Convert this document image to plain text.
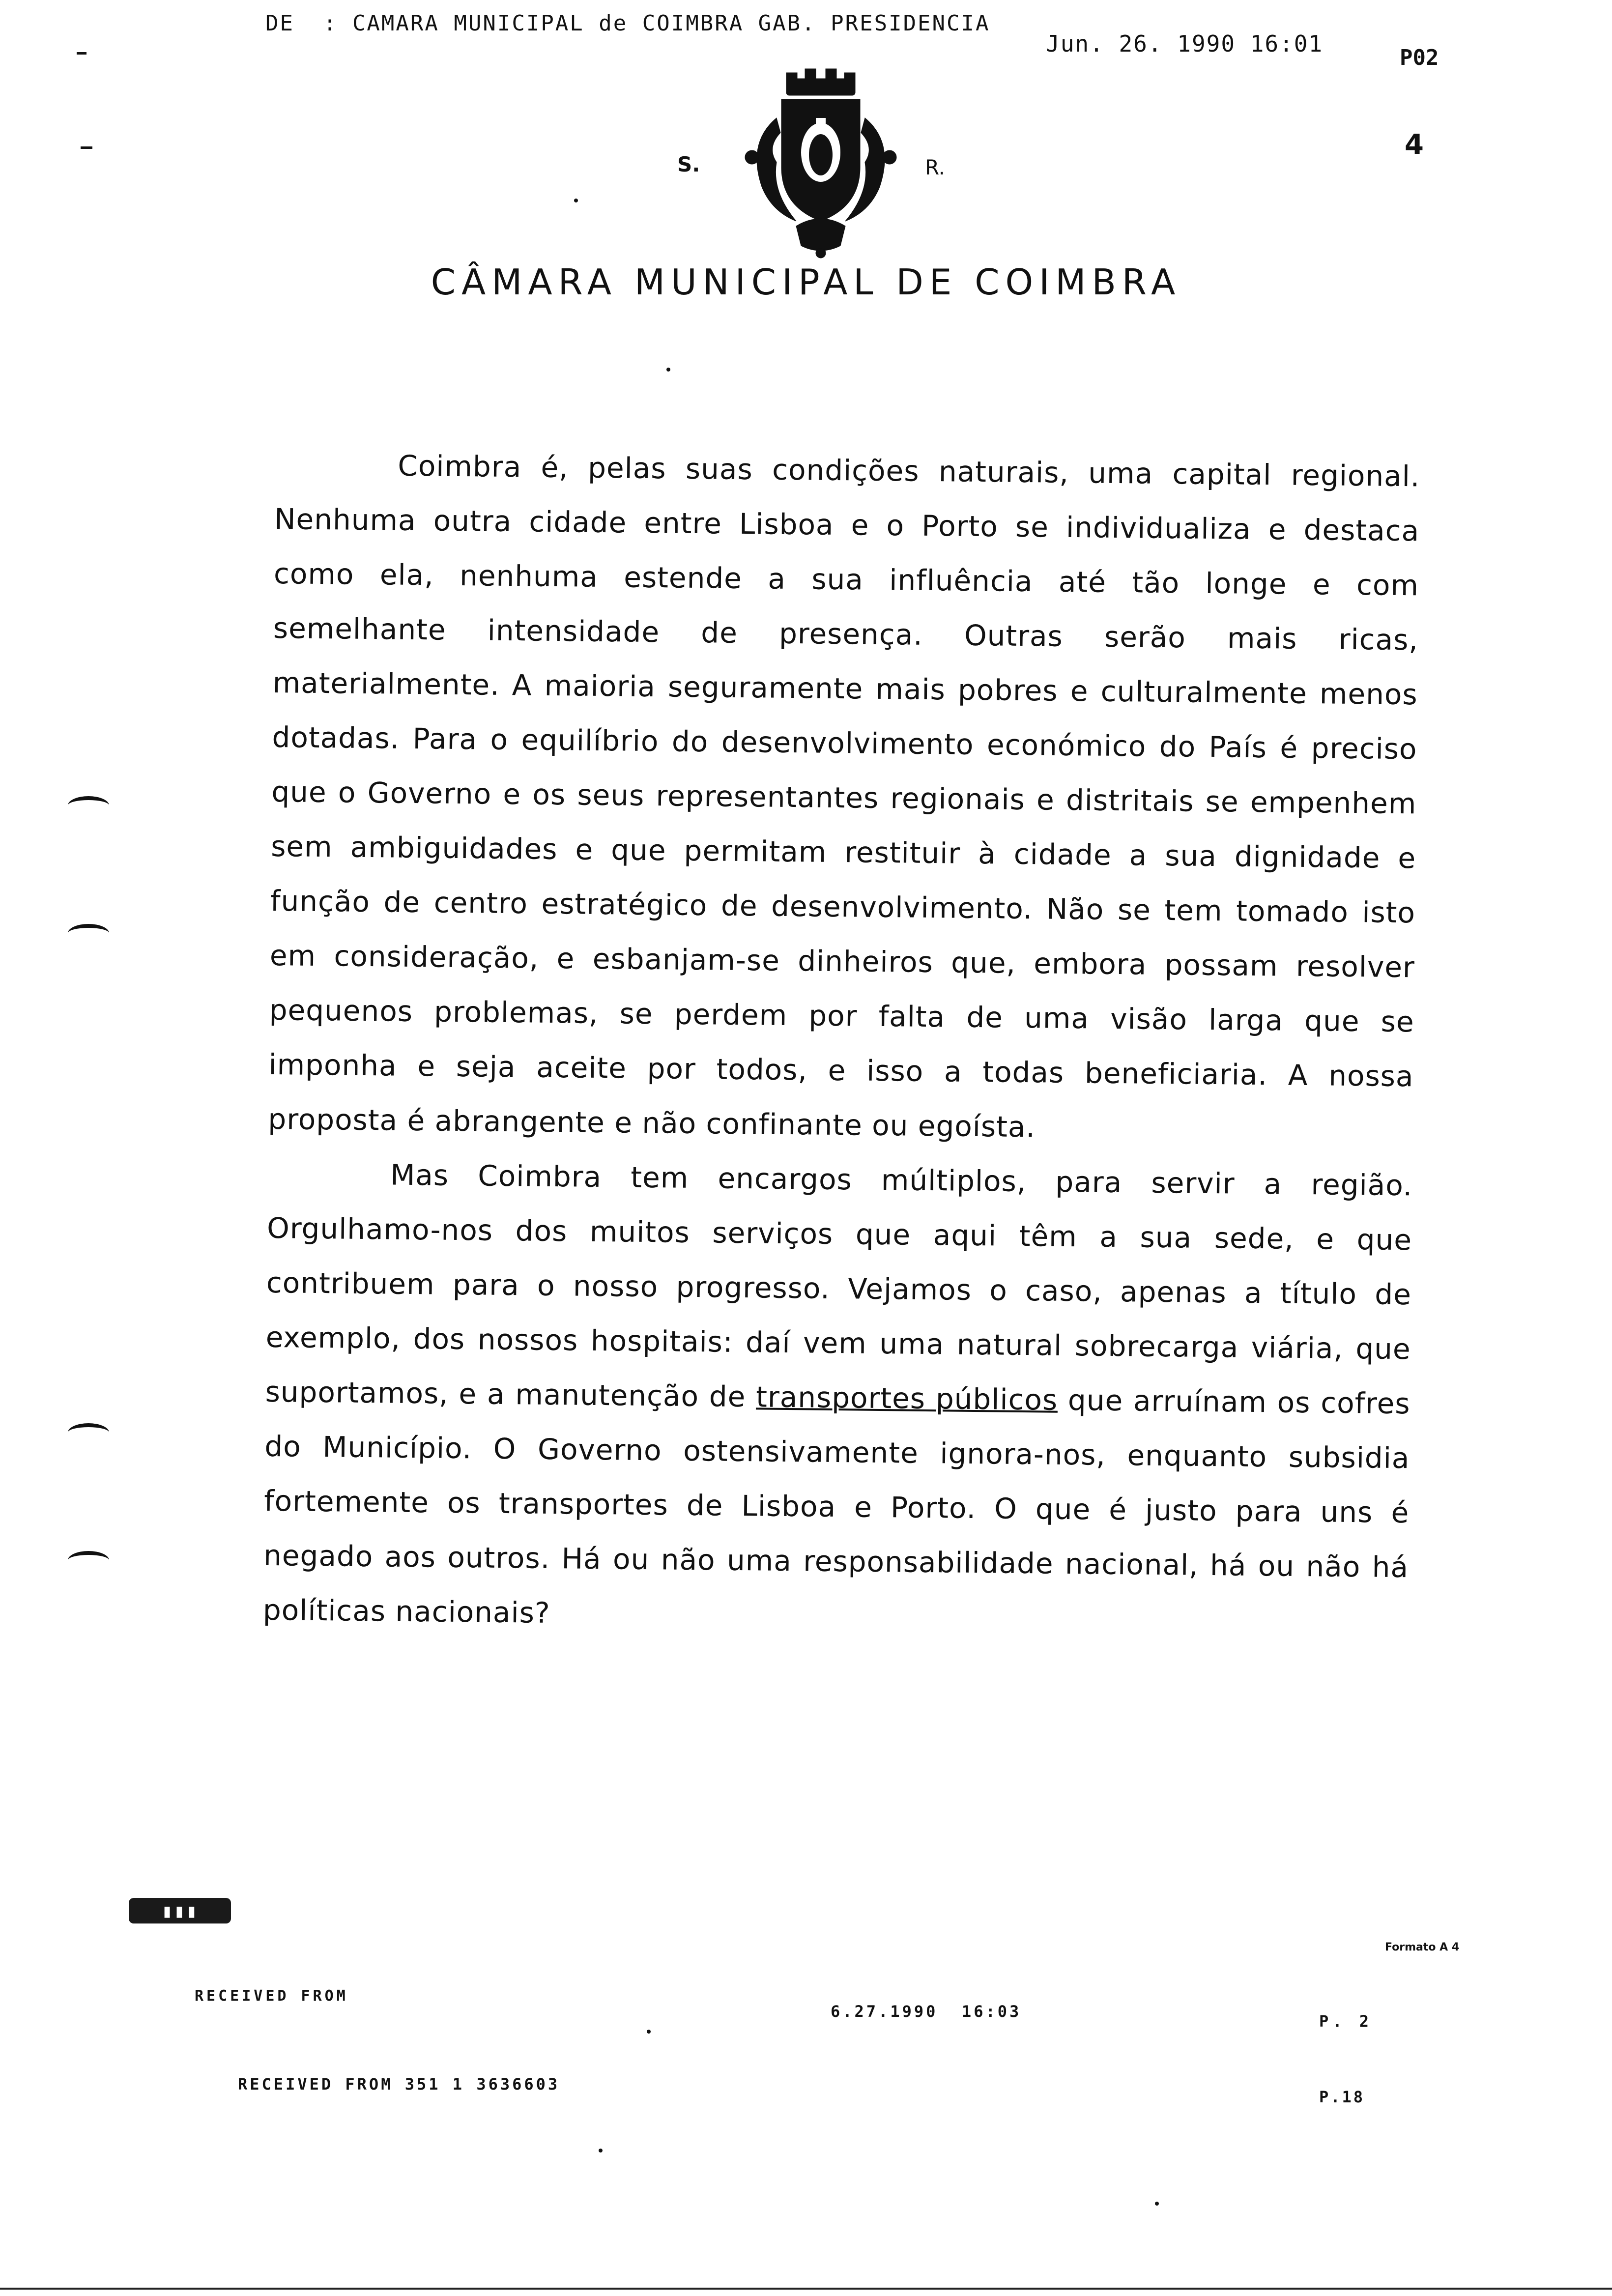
DE  : CAMARA MUNICIPAL de COIMBRA GAB. PRESIDENCIA
Jun. 26. 1990 16:01
P02
4
S.	R.
CÂMARA MUNICIPAL DE COIMBRA

Coimbra é, pelas suas condições naturais, uma capital regional. Nenhuma outra cidade entre Lisboa e o Porto se individualiza e destaca como ela, nenhuma estende a sua influência até tão longe e com semelhante intensidade de presença. Outras serão mais ricas, materialmente. A maioria seguramente mais pobres e culturalmente menos dotadas. Para o equilíbrio do desenvolvimento económico do País é preciso que o Governo e os seus representantes regionais e distritais se empenhem sem ambiguidades e que permitam restituir à cidade a sua dignidade e função de centro estratégico de desenvolvimento. Não se tem tomado isto em consideração, e esbanjam-se dinheiros que, embora possam resolver pequenos problemas, se perdem por falta de uma visão larga que se imponha e seja aceite por todos, e isso a todas beneficiaria. A nossa proposta é abrangente e não confinante ou egoísta.

Mas Coimbra tem encargos múltiplos, para servir a região. Orgulhamo-nos dos muitos serviços que aqui têm a sua sede, e que contribuem para o nosso progresso. Vejamos o caso, apenas a título de exemplo, dos nossos hospitais: daí vem uma natural sobrecarga viária, que suportamos, e a manutenção de transportes públicos que arruínam os cofres do Município. O Governo ostensivamente ignora-nos, enquanto subsidia fortemente os transportes de Lisboa e Porto. O que é justo para uns é negado aos outros. Há ou não uma responsabilidade nacional, há ou não há políticas nacionais?

▮▮▮
Formato A 4
RECEIVED FROM
6.27.1990  16:03
P. 2
RECEIVED FROM 351 1 3636603
P.18
